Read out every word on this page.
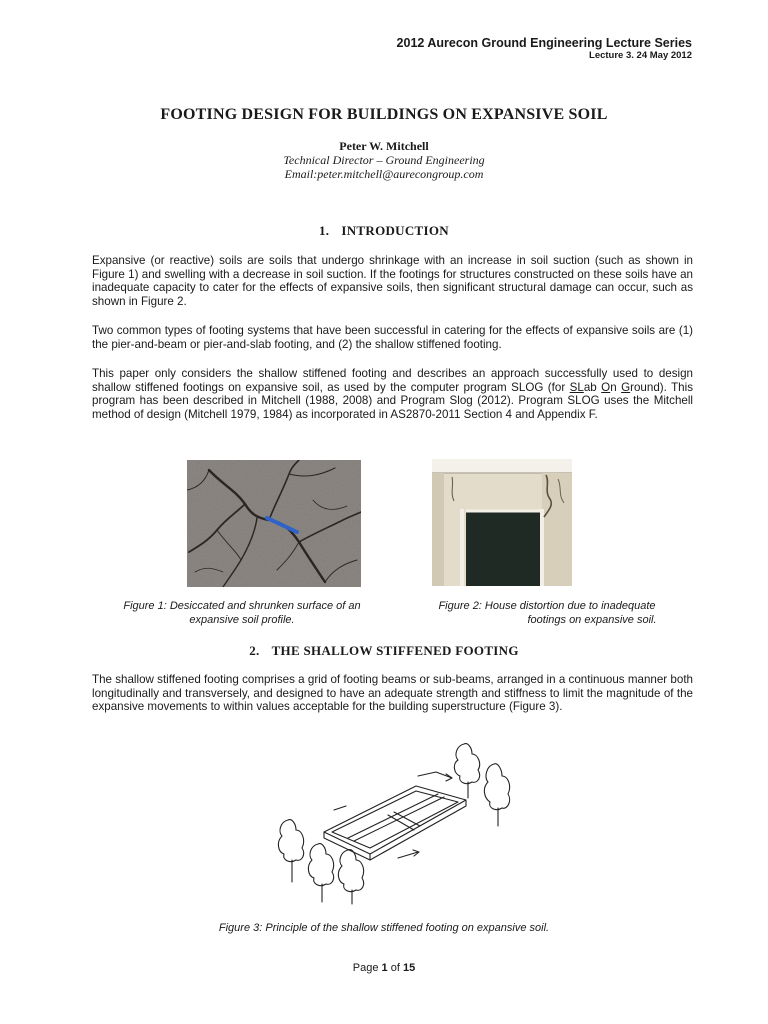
2012 Aurecon Ground Engineering Lecture Series
Lecture 3. 24 May 2012
FOOTING DESIGN FOR BUILDINGS ON EXPANSIVE SOIL
Peter W. Mitchell
Technical Director – Ground Engineering
Email:peter.mitchell@aurecongroup.com
1. INTRODUCTION
Expansive (or reactive) soils are soils that undergo shrinkage with an increase in soil suction (such as shown in Figure 1) and swelling with a decrease in soil suction. If the footings for structures constructed on these soils have an inadequate capacity to cater for the effects of expansive soils, then significant structural damage can occur, such as shown in Figure 2.
Two common types of footing systems that have been successful in catering for the effects of expansive soils are (1) the pier-and-beam or pier-and-slab footing, and (2) the shallow stiffened footing.
This paper only considers the shallow stiffened footing and describes an approach successfully used to design shallow stiffened footings on expansive soil, as used by the computer program SLOG (for SLab On Ground). This program has been described in Mitchell (1988, 2008) and Program Slog (2012). Program SLOG uses the Mitchell method of design (Mitchell 1979, 1984) as incorporated in AS2870-2011 Section 4 and Appendix F.
Figure 1: Desiccated and shrunken surface of an
expansive soil profile.
Figure 2: House distortion due to inadequate
footings on expansive soil.
2. THE SHALLOW STIFFENED FOOTING
The shallow stiffened footing comprises a grid of footing beams or sub-beams, arranged in a continuous manner both longitudinally and transversely, and designed to have an adequate strength and stiffness to limit the magnitude of the expansive movements to within values acceptable for the building superstructure (Figure 3).
Figure 3: Principle of the shallow stiffened footing on expansive soil.
Page 1 of 15
